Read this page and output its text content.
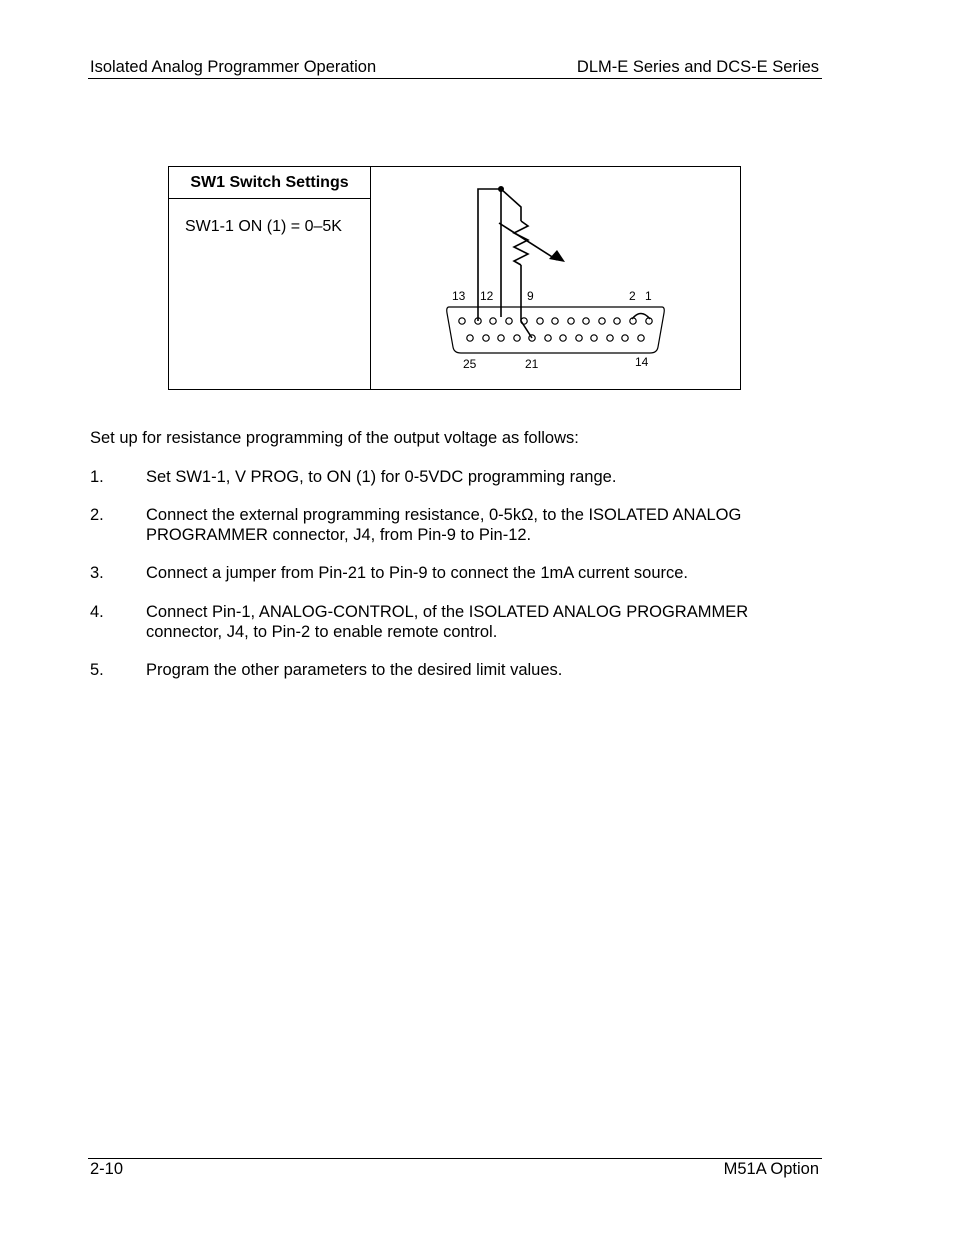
Isolated Analog Programmer Operation	DLM-E Series and DCS-E Series
SW1 Switch Settings
SW1-1 ON (1) = 0–5K
13 12	9	2 1
25	21	14
Set up for resistance programming of the output voltage as follows:
1.	Set SW1-1, V PROG, to ON (1) for 0-5VDC programming range.
2.	Connect the external programming resistance, 0-5kΩ, to the ISOLATED ANALOG PROGRAMMER connector, J4, from Pin-9 to Pin-12.
3.	Connect a jumper from Pin-21 to Pin-9 to connect the 1mA current source.
4.	Connect Pin-1, ANALOG-CONTROL, of the ISOLATED ANALOG PROGRAMMER connector, J4, to Pin-2 to enable remote control.
5.	Program the other parameters to the desired limit values.
2-10	M51A Option
